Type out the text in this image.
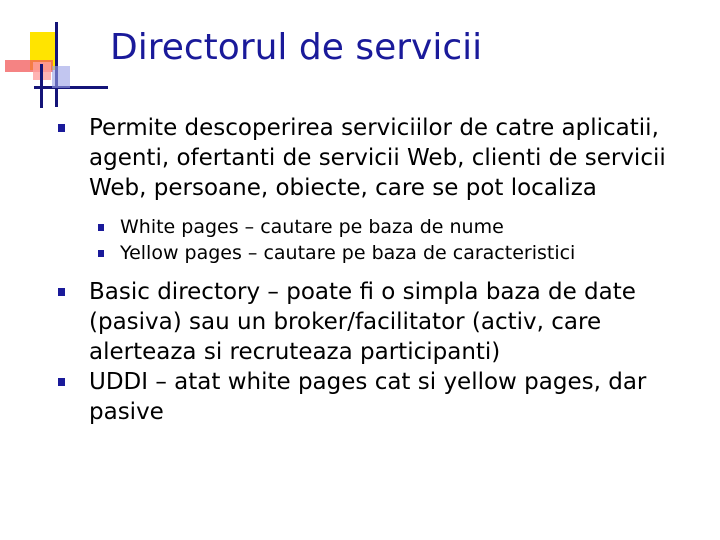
Directorul de servicii
Permite descoperirea serviciilor de catre aplicatii, agenti, ofertanti de servicii Web, clienti de servicii Web, persoane, obiecte, care se pot localiza
White pages – cautare pe baza de nume
Yellow pages – cautare pe baza de caracteristici
Basic directory – poate fi o simpla baza de date (pasiva) sau un broker/facilitator (activ, care alerteaza si recruteaza participanti)
UDDI – atat white pages cat si yellow pages, dar pasive
